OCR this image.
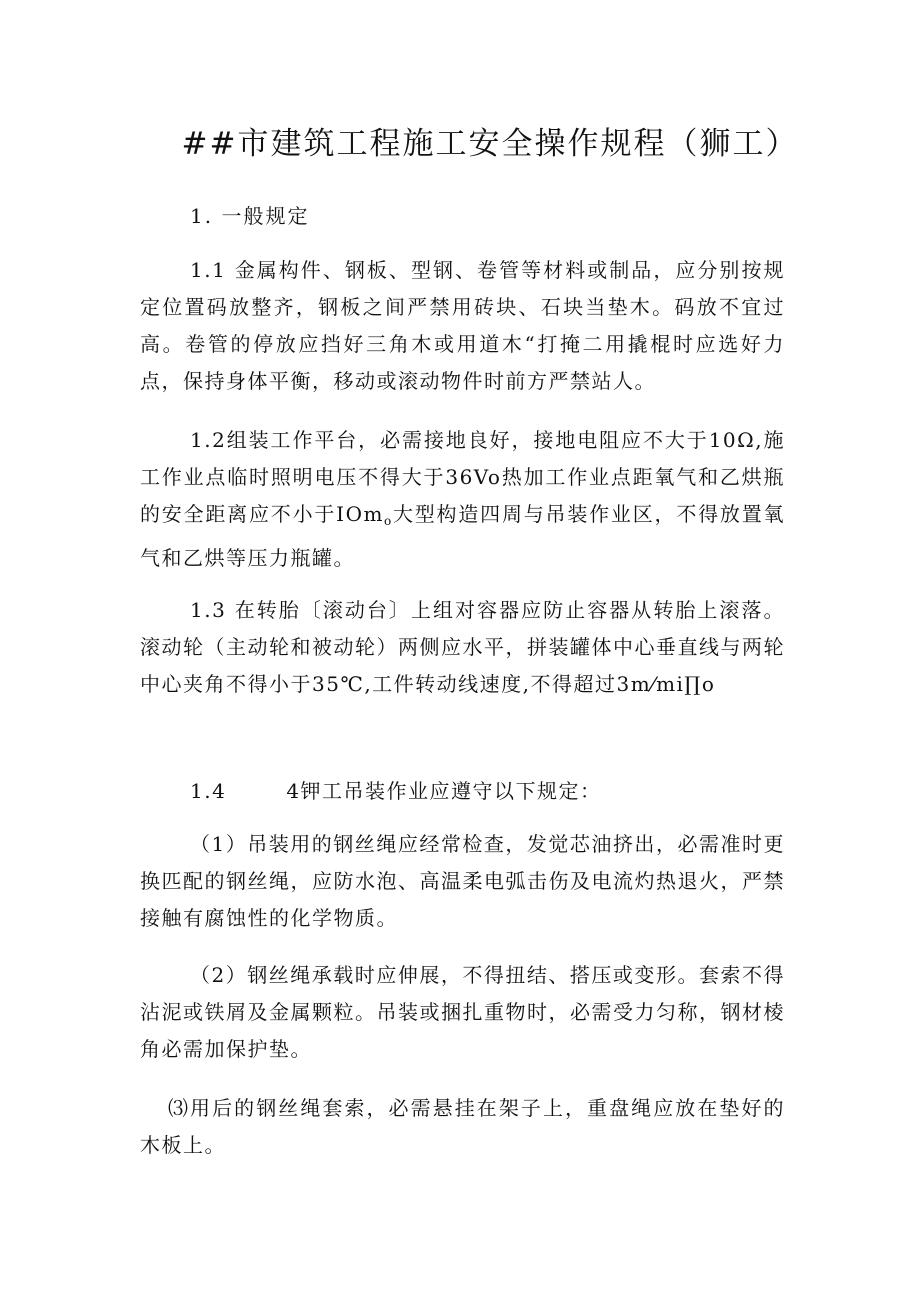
##市建筑工程施工安全操作规程（狮工）
1. 一般规定
1.1 金属构件、钢板、型钢、卷管等材料或制品，应分别按规定位置码放整齐，钢板之间严禁用砖块、石块当垫木。码放不宜过高。卷管的停放应挡好三角木或用道木“打掩二用撬棍时应选好力点，保持身体平衡，移动或滚动物件时前方严禁站人。
1.2组装工作平台，必需接地良好，接地电阻应不大于10Ω,施工作业点临时照明电压不得大于36Vo热加工作业点距氧气和乙烘瓶的安全距离应不小于IOm$_o$大型构造四周与吊装作业区，不得放置氧气和乙烘等压力瓶罐。
1.3 在转胎〔滚动台〕上组对容器应防止容器从转胎上滚落。滚动轮（主动轮和被动轮）两侧应水平，拼装罐体中心垂直线与两轮中心夹角不得小于35℃,工件转动线速度,不得超过3m⁄mi∏o
1.4	4钾工吊装作业应遵守以下规定：
（1）吊装用的钢丝绳应经常检查，发觉芯油挤出，必需准时更换匹配的钢丝绳，应防水泡、高温柔电弧击伤及电流灼热退火，严禁接触有腐蚀性的化学物质。
（2）钢丝绳承载时应伸展，不得扭结、搭压或变形。套索不得沾泥或铁屑及金属颗粒。吊装或捆扎重物时，必需受力匀称，钢材棱角必需加保护垫。
⑶用后的钢丝绳套索，必需悬挂在架子上，重盘绳应放在垫好的木板上。
